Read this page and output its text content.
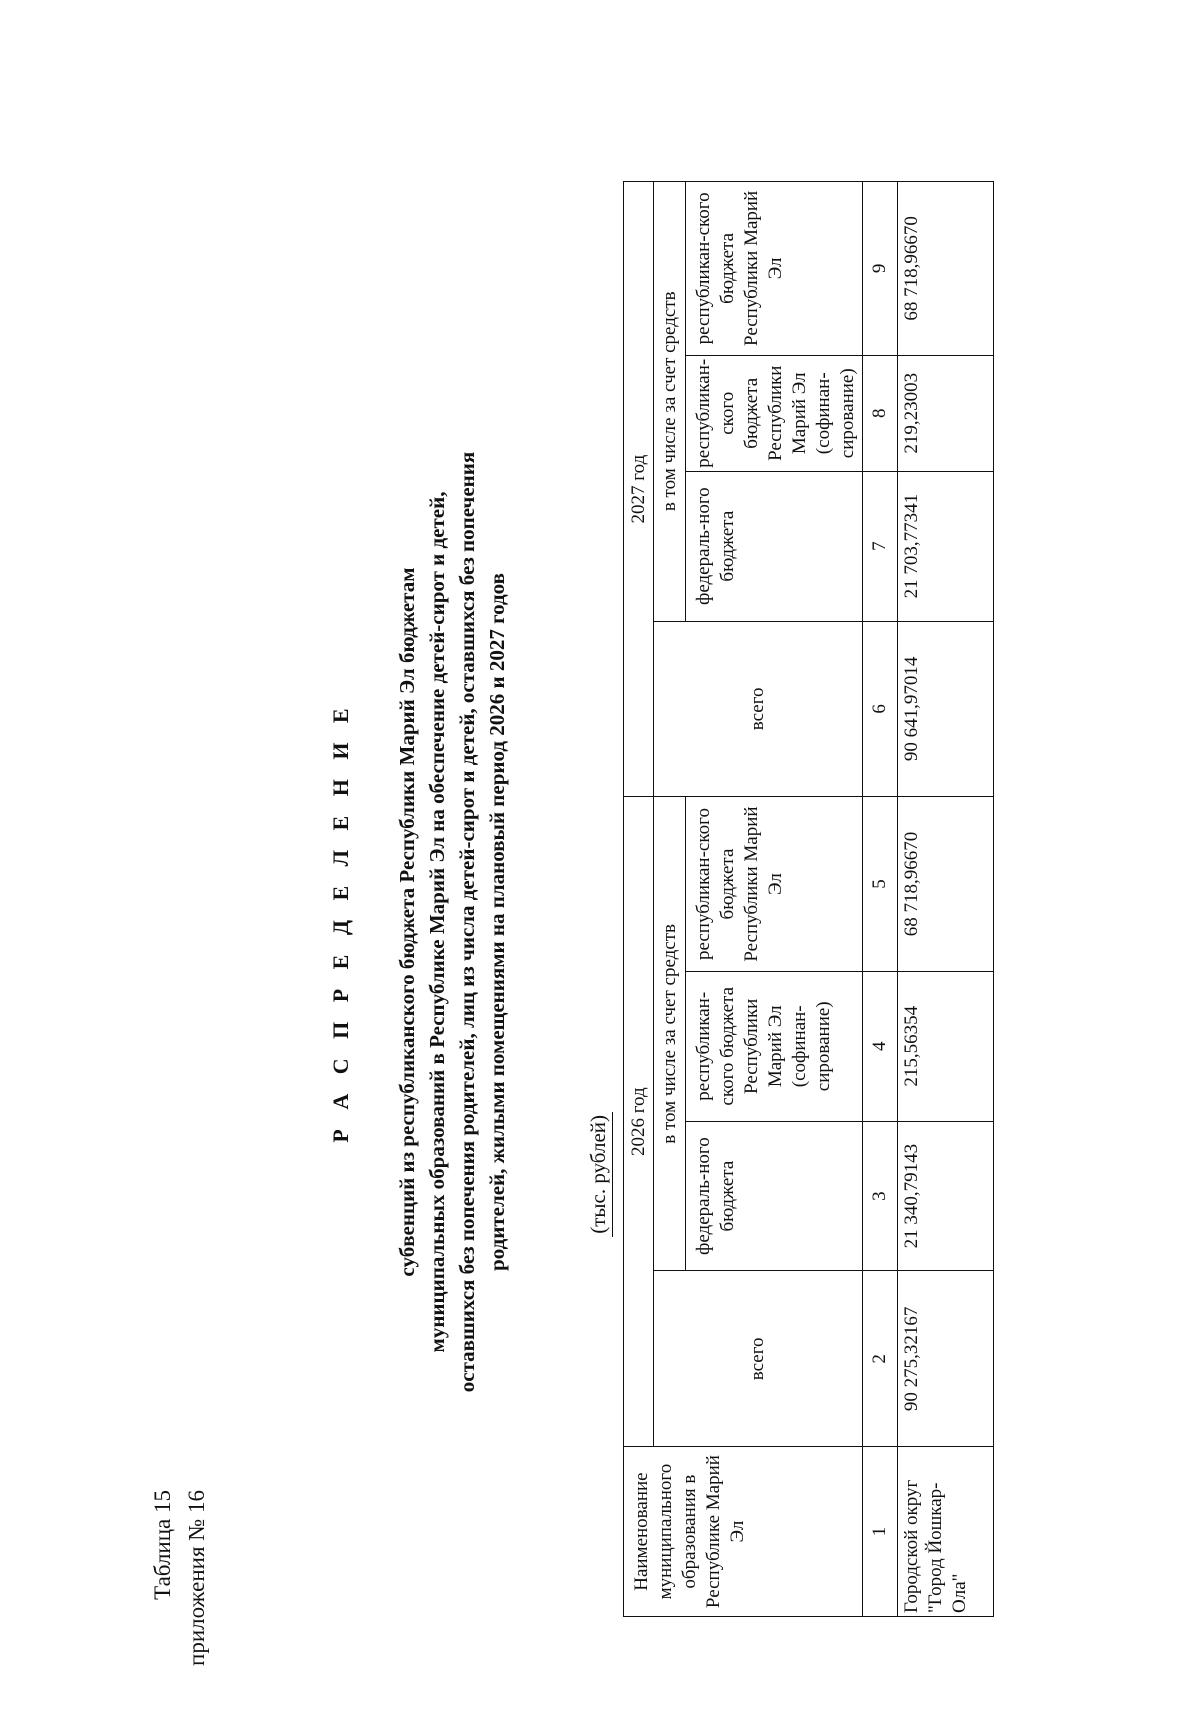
Таблица 15 приложения № 16
Р А С П Р Е Д Е Л Е Н И Е субвенций из республиканского бюджета Республики Марий Эл бюджетам муниципальных образований в Республике Марий Эл на обеспечение детей-сирот и детей, оставшихся без попечения родителей, лиц из числа детей-сирот и детей, оставшихся без попечения родителей, жилыми помещениями на плановый период 2026 и 2027 годов	(тыс. рублей)
Наименование муниципального образования в Республике Марий Эл	2026 год				2027 год			
	всего	в том числе за счет средств			всего	в том числе за счет средств		
		федераль-ного бюджета	республикан-ского бюджета Республики Марий Эл (софинан-сирование)	республикан-ского бюджета Республики Марий Эл		федераль-ного бюджета	республикан-ского бюджета Республики Марий Эл (софинан-сирование)	республикан-ского бюджета Республики Марий Эл
1	2	3	4	5	6	7	8	9
Городской округ "Город Йошкар-Ола"	90 275,32167	21 340,79143	215,56354	68 718,96670	90 641,97014	21 703,77341	219,23003	68 718,96670
